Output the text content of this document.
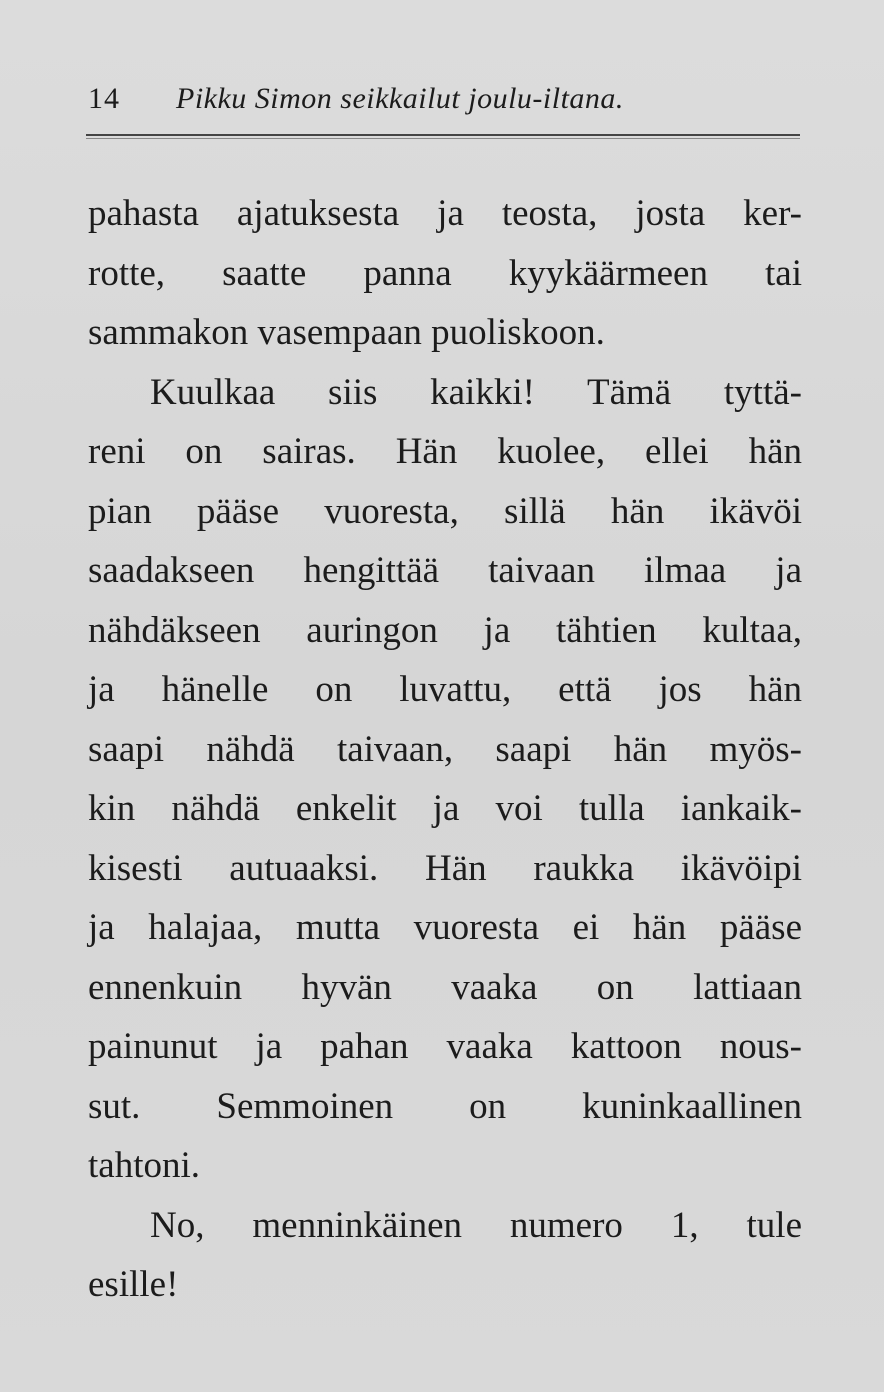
14 Pikku Simon seikkailut joulu-iltana.
pahasta ajatuksesta ja teosta, josta ker-
rotte, saatte panna kyykäärmeen tai
sammakon vasempaan puoliskoon.
Kuulkaa siis kaikki! Tämä tyttä-
reni on sairas. Hän kuolee, ellei hän
pian pääse vuoresta, sillä hän ikävöi
saadakseen hengittää taivaan ilmaa ja
nähdäkseen auringon ja tähtien kultaa,
ja hänelle on luvattu, että jos hän
saapi nähdä taivaan, saapi hän myös-
kin nähdä enkelit ja voi tulla iankaik-
kisesti autuaaksi. Hän raukka ikävöipi
ja halajaa, mutta vuoresta ei hän pääse
ennenkuin hyvän vaaka on lattiaan
painunut ja pahan vaaka kattoon nous-
sut. Semmoinen on kuninkaallinen
tahtoni.
No, menninkäinen numero 1, tule
esille!
